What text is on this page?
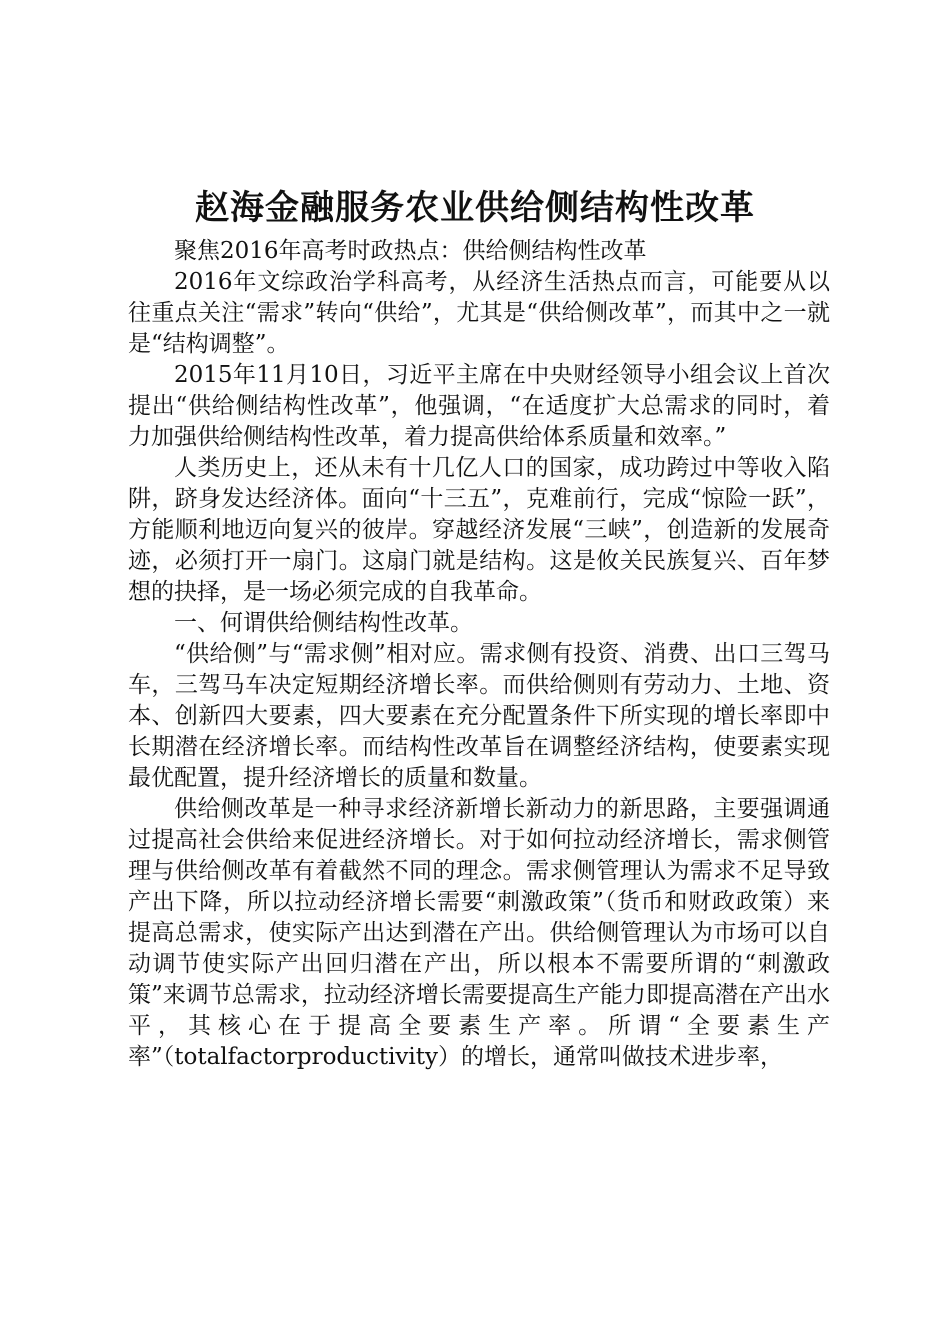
赵海金融服务农业供给侧结构性改革

聚焦2016年高考时政热点：供给侧结构性改革

2016年文综政治学科高考，从经济生活热点而言，可能要从以往重点关注“需求”转向“供给”，尤其是“供给侧改革”，而其中之一就是“结构调整”。

2015年11月10日，习近平主席在中央财经领导小组会议上首次提出“供给侧结构性改革”，他强调，“在适度扩大总需求的同时，着力加强供给侧结构性改革，着力提高供给体系质量和效率。”

人类历史上，还从未有十几亿人口的国家，成功跨过中等收入陷阱，跻身发达经济体。面向“十三五”，克难前行，完成“惊险一跃”，方能顺利地迈向复兴的彼岸。穿越经济发展“三峡”，创造新的发展奇迹，必须打开一扇门。这扇门就是结构。这是攸关民族复兴、百年梦想的抉择，是一场必须完成的自我革命。

一、何谓供给侧结构性改革。

“供给侧”与“需求侧”相对应。需求侧有投资、消费、出口三驾马车，三驾马车决定短期经济增长率。而供给侧则有劳动力、土地、资本、创新四大要素，四大要素在充分配置条件下所实现的增长率即中长期潜在经济增长率。而结构性改革旨在调整经济结构，使要素实现最优配置，提升经济增长的质量和数量。

供给侧改革是一种寻求经济新增长新动力的新思路，主要强调通过提高社会供给来促进经济增长。对于如何拉动经济增长，需求侧管理与供给侧改革有着截然不同的理念。需求侧管理认为需求不足导致产出下降，所以拉动经济增长需要“刺激政策”（货币和财政政策）来提高总需求，使实际产出达到潜在产出。供给侧管理认为市场可以自动调节使实际产出回归潜在产出，所以根本不需要所谓的“刺激政策”来调节总需求，拉动经济增长需要提高生产能力即提高潜在产出水平，其核心在于提高全要素生产率。所谓“全要素生产率”（totalfactorproductivity）的增长，通常叫做技术进步率，
